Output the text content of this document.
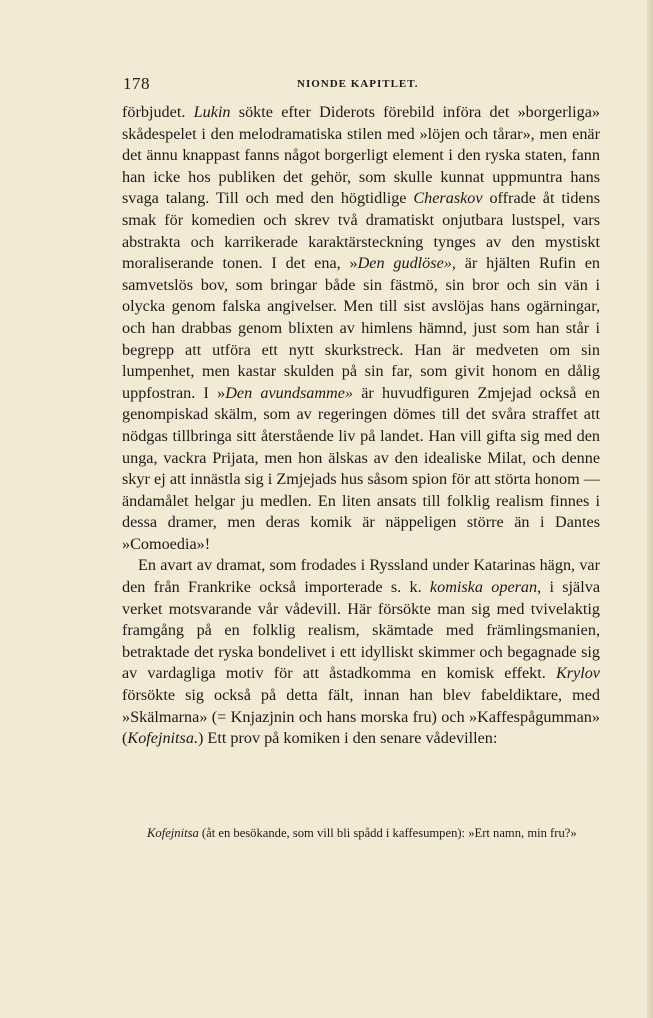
178	NIONDE KAPITLET.

förbjudet. Lukin sökte efter Diderots förebild införa det »borgerliga» skådespelet i den melodramatiska stilen med »löjen och tårar», men enär det ännu knappast fanns något borgerligt element i den ryska staten, fann han icke hos publiken det gehör, som skulle kunnat uppmuntra hans svaga talang. Till och med den högtidlige Cheraskov offrade åt tidens smak för komedien och skrev två dramatiskt onjutbara lustspel, vars abstrakta och karrikerade karaktärsteckning tynges av den mystiskt moraliserande tonen. I det ena, »Den gudlöse», är hjälten Rufin en samvetslös bov, som bringar både sin fästmö, sin bror och sin vän i olycka genom falska angivelser. Men till sist avslöjas hans ogärningar, och han drabbas genom blixten av himlens hämnd, just som han står i begrepp att utföra ett nytt skurkstreck. Han är medveten om sin lumpenhet, men kastar skulden på sin far, som givit honom en dålig uppfostran. I »Den avundsamme» är huvudfiguren Zmjejad också en genompiskad skälm, som av regeringen dömes till det svåra straffet att nödgas tillbringa sitt återstående liv på landet. Han vill gifta sig med den unga, vackra Prijata, men hon älskas av den idealiske Milat, och denne skyr ej att innästla sig i Zmjejads hus såsom spion för att störta honom — ändamålet helgar ju medlen. En liten ansats till folklig realism finnes i dessa dramer, men deras komik är näppeligen större än i Dantes »Comoedia»!

En avart av dramat, som frodades i Ryssland under Katarinas hägn, var den från Frankrike också importerade s. k. komiska operan, i själva verket motsvarande vår vådevill. Här försökte man sig med tvivelaktig framgång på en folklig realism, skämtade med främlingsmanien, betraktade det ryska bondelivet i ett idylliskt skimmer och begagnade sig av vardagliga motiv för att åstadkomma en komisk effekt. Krylov försökte sig också på detta fält, innan han blev fabeldiktare, med »Skälmarna» (= Knjazjnin och hans morska fru) och »Kaffespågumman» (Kofejnitsa.) Ett prov på komiken i den senare vådevillen:

Kofejnitsa (åt en besökande, som vill bli spådd i kaffesumpen): »Ert namn, min fru?»
